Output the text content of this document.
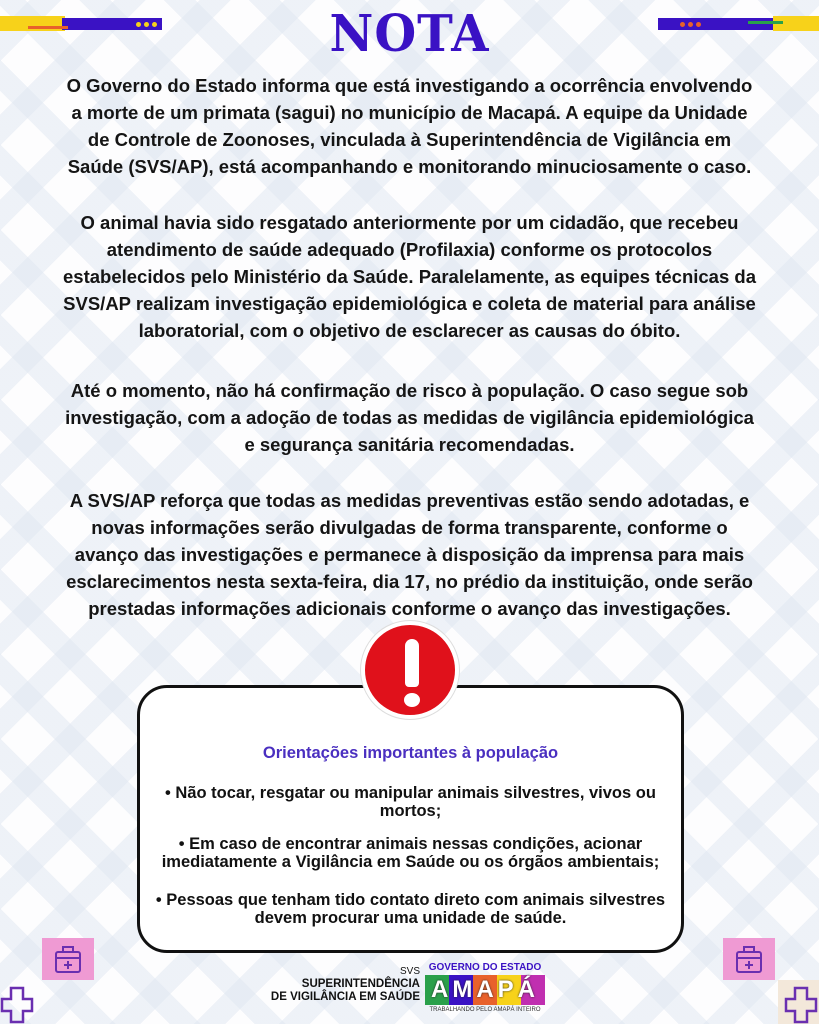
NOTA
O Governo do Estado informa que está investigando a ocorrência envolvendo
a morte de um primata (sagui) no município de Macapá. A equipe da Unidade
de Controle de Zoonoses, vinculada à Superintendência de Vigilância em
Saúde (SVS/AP), está acompanhando e monitorando minuciosamente o caso.
O animal havia sido resgatado anteriormente por um cidadão, que recebeu
atendimento de saúde adequado (Profilaxia) conforme os protocolos
estabelecidos pelo Ministério da Saúde. Paralelamente, as equipes técnicas da
SVS/AP realizam investigação epidemiológica e coleta de material para análise
laboratorial, com o objetivo de esclarecer as causas do óbito.
Até o momento, não há confirmação de risco à população. O caso segue sob
investigação, com a adoção de todas as medidas de vigilância epidemiológica
e segurança sanitária recomendadas.
A SVS/AP reforça que todas as medidas preventivas estão sendo adotadas, e
novas informações serão divulgadas de forma transparente, conforme o
avanço das investigações e permanece à disposição da imprensa para mais
esclarecimentos nesta sexta-feira, dia 17, no prédio da instituição, onde serão
prestadas informações adicionais conforme o avanço das investigações.
Orientações importantes à população
• Não tocar, resgatar ou manipular animais silvestres, vivos ou
mortos;
• Em caso de encontrar animais nessas condições, acionar
imediatamente a Vigilância em Saúde ou os órgãos ambientais;
• Pessoas que tenham tido contato direto com animais silvestres
devem procurar uma unidade de saúde.
SVS
SUPERINTENDÊNCIA
DE VIGILÂNCIA EM SAÚDE
GOVERNO DO ESTADO
AMAPÁ
TRABALHANDO PELO AMAPÁ INTEIRO
